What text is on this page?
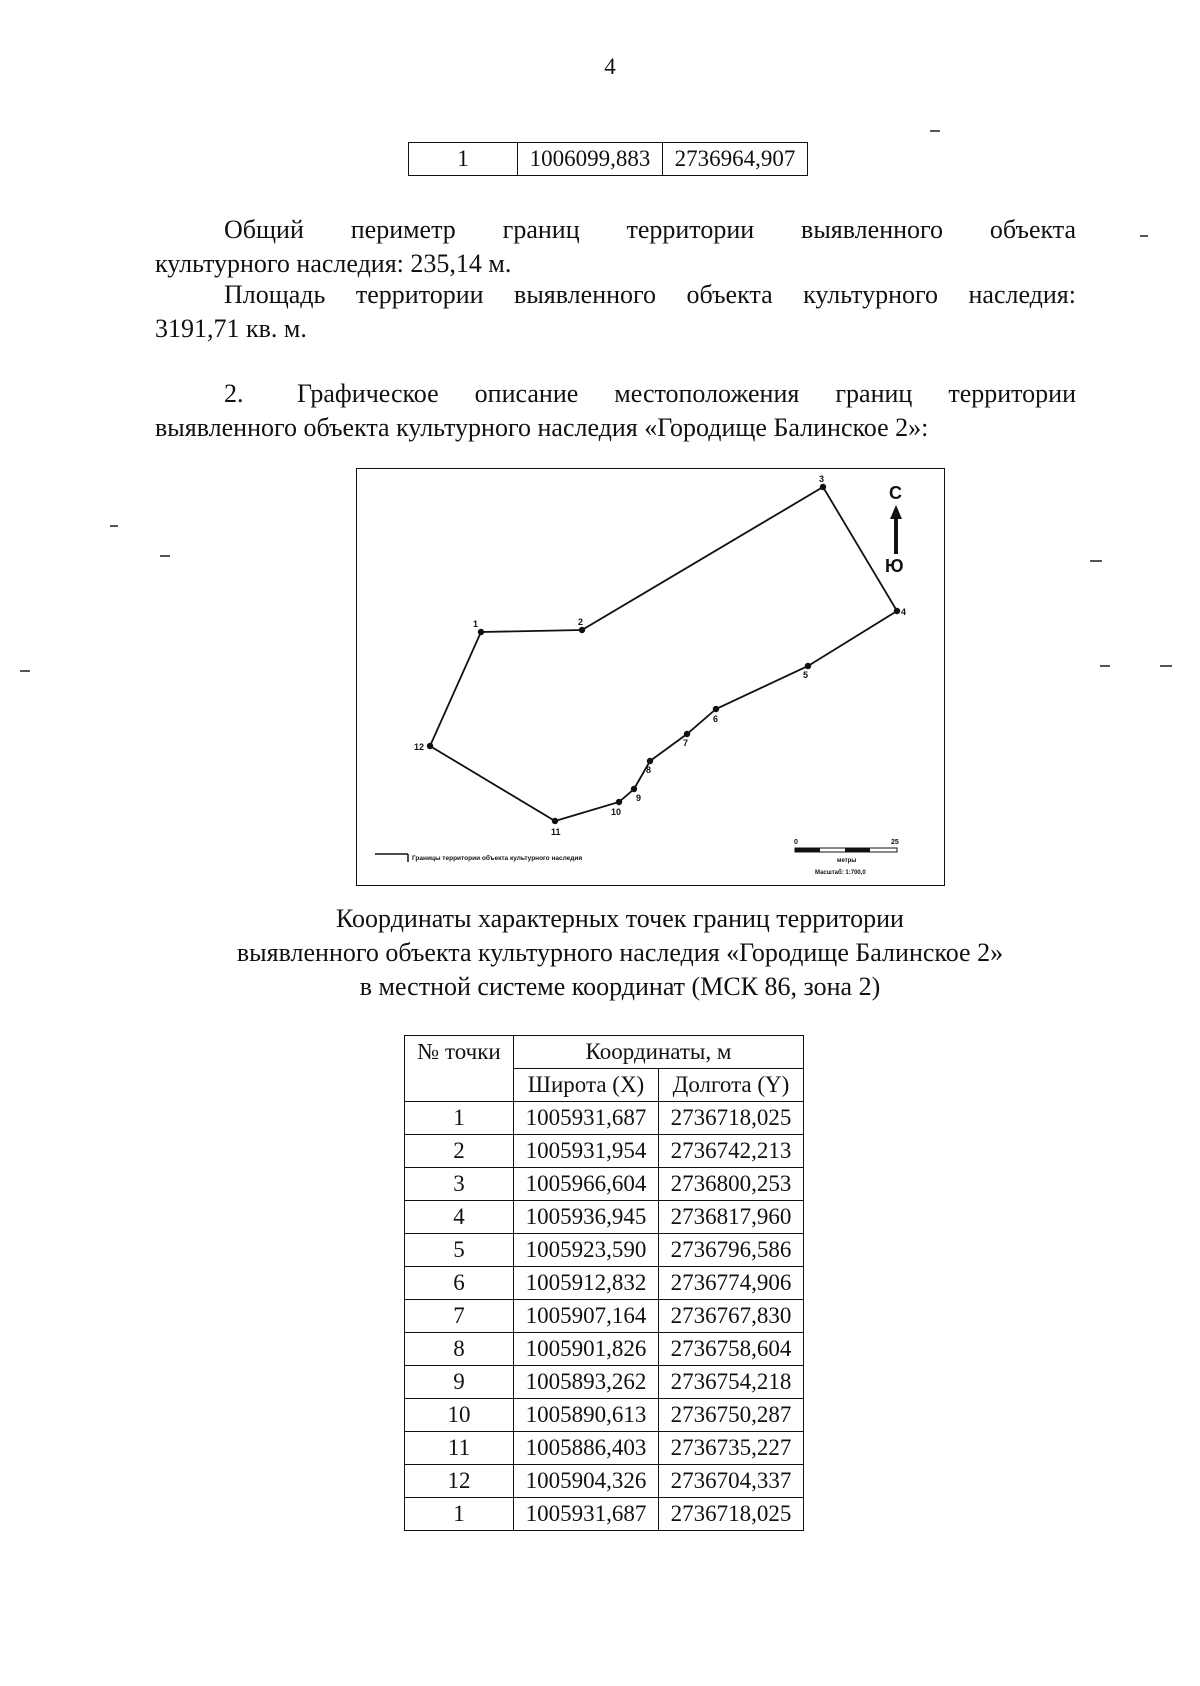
4
1	1006099,883	2736964,907
Общий периметр границ территории выявленного объекта
культурного наследия: 235,14 м.
Площадь территории выявленного объекта культурного наследия:
3191,71 кв. м.
2. Графическое описание местоположения границ территории
выявленного объекта культурного наследия «Городище Балинское 2»:
1	2
3
4
5
6
7
8
9
10
11
12
С
Ю
Границы территории объекта культурного наследия
0	25
метры
Масштаб: 1:700,0
Координаты характерных точек границ территории
выявленного объекта культурного наследия «Городище Балинское 2»
в местной системе координат (МСК 86, зона 2)
№ точки	Координаты, м	
	Широта (X)	Долгота (Y)
1	1005931,687	2736718,025
2	1005931,954	2736742,213
3	1005966,604	2736800,253
4	1005936,945	2736817,960
5	1005923,590	2736796,586
6	1005912,832	2736774,906
7	1005907,164	2736767,830
8	1005901,826	2736758,604
9	1005893,262	2736754,218
10	1005890,613	2736750,287
11	1005886,403	2736735,227
12	1005904,326	2736704,337
1	1005931,687	2736718,025
